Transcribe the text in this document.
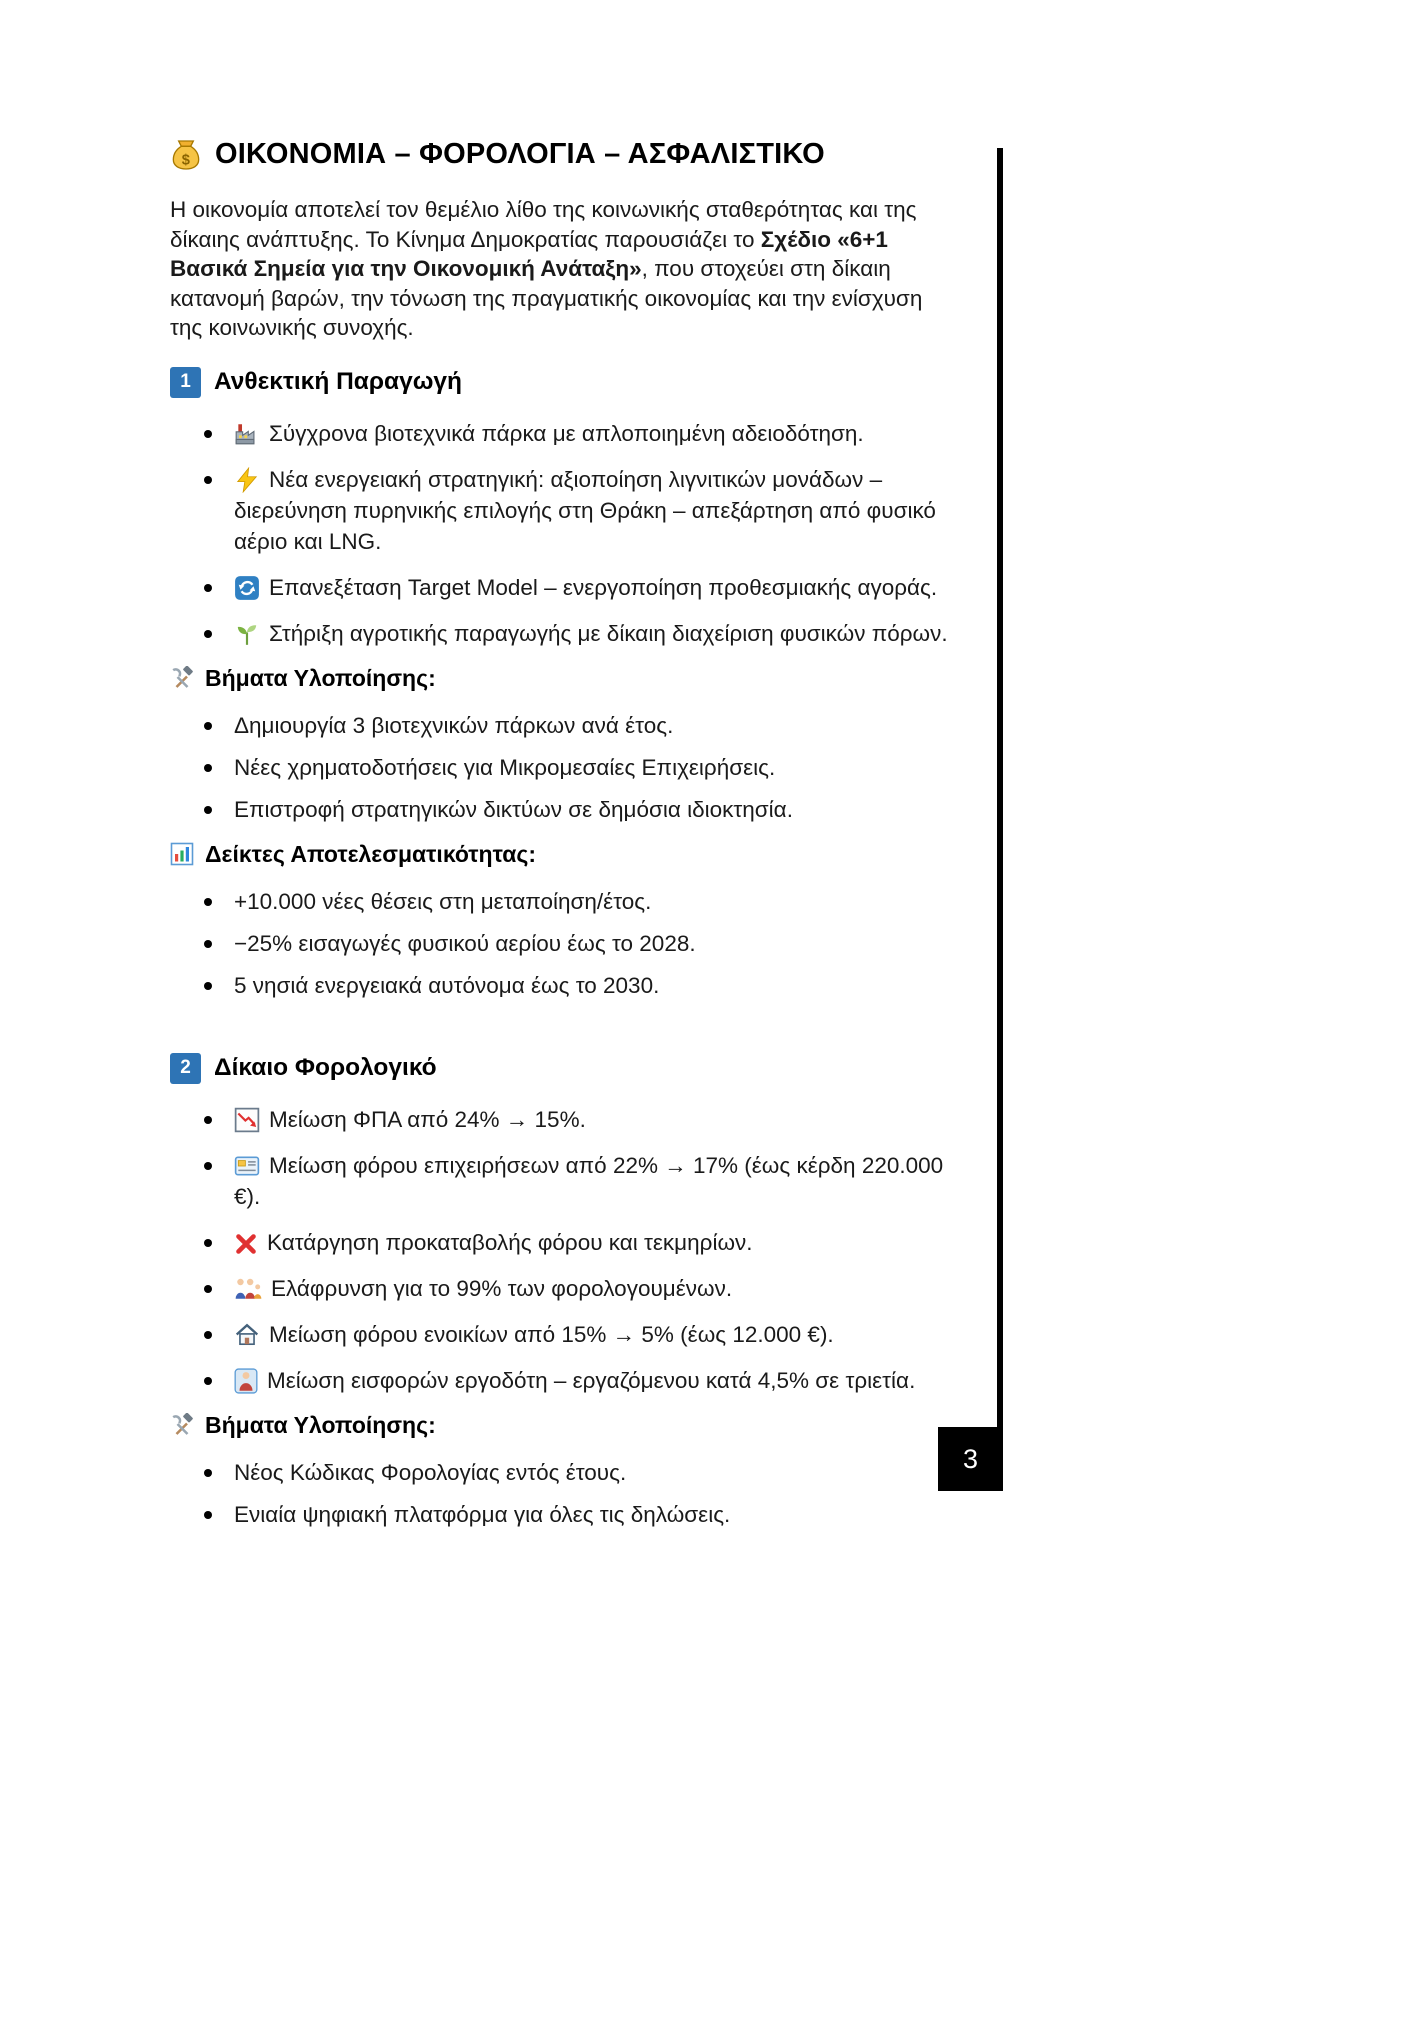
3
$ ΟΙΚΟΝΟΜΙΑ – ΦΟΡΟΛΟΓΙΑ – ΑΣΦΑΛΙΣΤΙΚΟ

Η οικονομία αποτελεί τον θεμέλιο λίθο της κοινωνικής σταθερότητας και της δίκαιης ανάπτυξης. Το Κίνημα Δημοκρατίας παρουσιάζει το Σχέδιο «6+1 Βασικά Σημεία για την Οικονομική Ανάταξη», που στοχεύει στη δίκαιη κατανομή βαρών, την τόνωση της πραγματικής οικονομίας και την ενίσχυση της κοινωνικής συνοχής.

1 Ανθεκτική Παραγωγή
Σύγχρονα βιοτεχνικά πάρκα με απλοποιημένη αδειοδότηση.
Νέα ενεργειακή στρατηγική: αξιοποίηση λιγνιτικών μονάδων – διερεύνηση πυρηνικής επιλογής στη Θράκη – απεξάρτηση από φυσικό αέριο και LNG.
Επανεξέταση Target Model – ενεργοποίηση προθεσμιακής αγοράς.
Στήριξη αγροτικής παραγωγής με δίκαιη διαχείριση φυσικών πόρων.
Βήματα Υλοποίησης:
Δημιουργία 3 βιοτεχνικών πάρκων ανά έτος.
Νέες χρηματοδοτήσεις για Μικρομεσαίες Επιχειρήσεις.
Επιστροφή στρατηγικών δικτύων σε δημόσια ιδιοκτησία.
Δείκτες Αποτελεσματικότητας:
+10.000 νέες θέσεις στη μεταποίηση/έτος.
−25% εισαγωγές φυσικού αερίου έως το 2028.
5 νησιά ενεργειακά αυτόνομα έως το 2030.
2 Δίκαιο Φορολογικό
Μείωση ΦΠΑ από 24% → 15%.
Μείωση φόρου επιχειρήσεων από 22% → 17% (έως κέρδη 220.000 €).
Κατάργηση προκαταβολής φόρου και τεκμηρίων.
Ελάφρυνση για το 99% των φορολογουμένων.
Μείωση φόρου ενοικίων από 15% → 5% (έως 12.000 €).
Μείωση εισφορών εργοδότη – εργαζόμενου κατά 4,5% σε τριετία.
Βήματα Υλοποίησης:
Νέος Κώδικας Φορολογίας εντός έτους.
Ενιαία ψηφιακή πλατφόρμα για όλες τις δηλώσεις.
